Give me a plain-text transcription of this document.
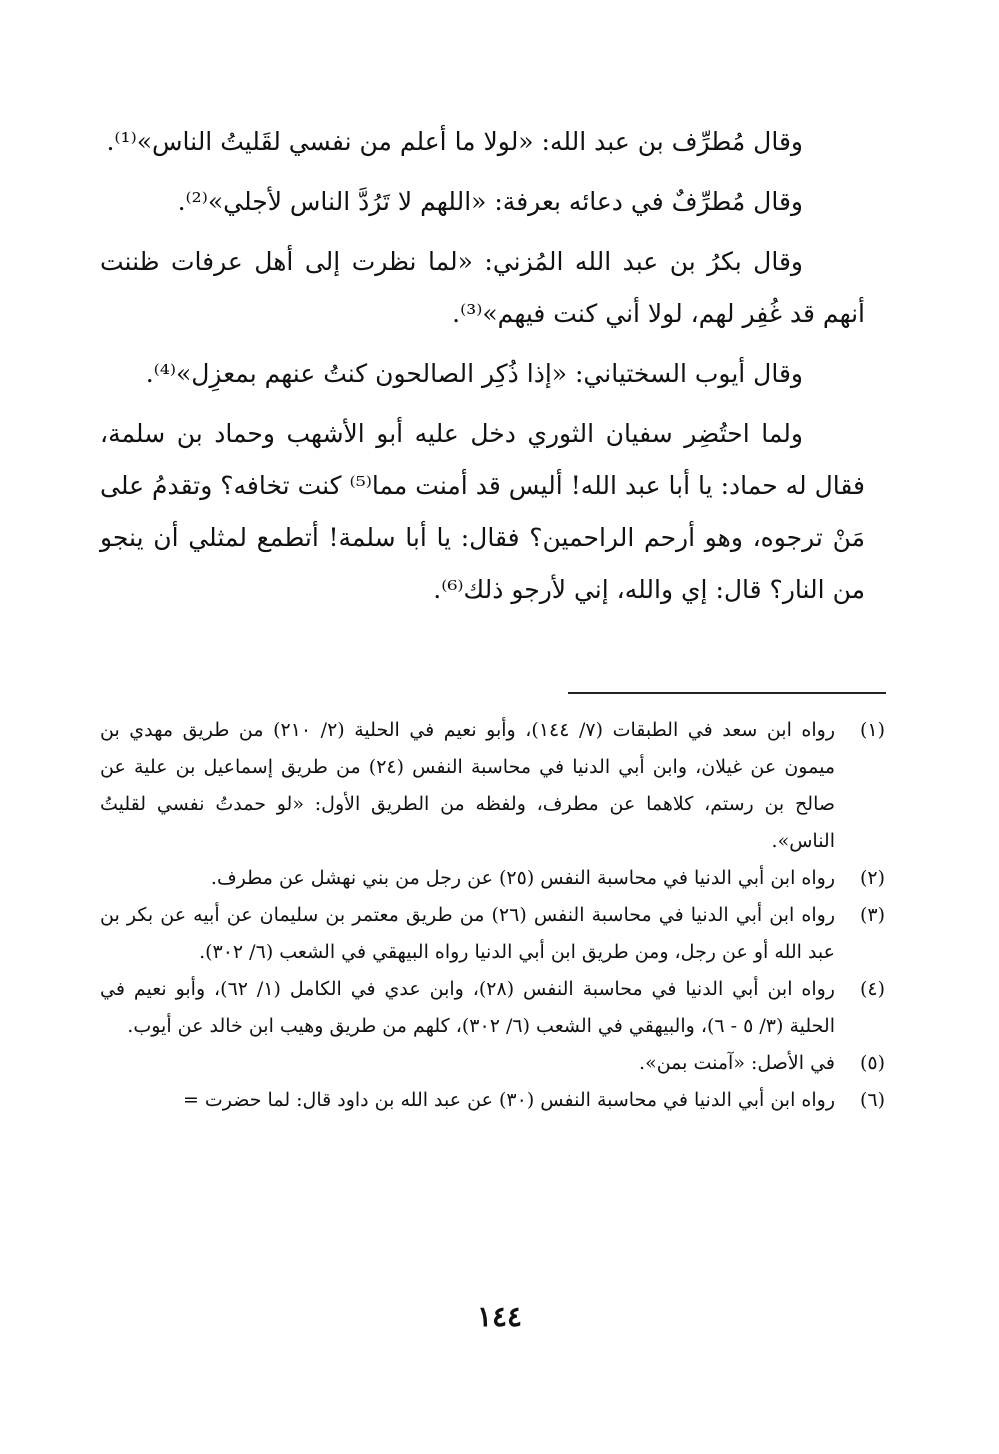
وقال مُطرِّف بن عبد الله: «لولا ما أعلم من نفسي لقَليتُ الناس»⁽¹⁾.

وقال مُطرِّفٌ في دعائه بعرفة: «اللهم لا تَرُدَّ الناس لأجلي»⁽²⁾.

وقال بكرُ بن عبد الله المُزني: «لما نظرت إلى أهل عرفات ظننت أنهم قد غُفِر لهم، لولا أني كنت فيهم»⁽³⁾.

وقال أيوب السختياني: «إذا ذُكِر الصالحون كنتُ عنهم بمعزِل»⁽⁴⁾.

ولما احتُضِر سفيان الثوري دخل عليه أبو الأشهب وحماد بن سلمة، فقال له حماد: يا أبا عبد الله! أليس قد أمنت مما⁽⁵⁾ كنت تخافه؟ وتقدمُ على مَنْ ترجوه، وهو أرحم الراحمين؟ فقال: يا أبا سلمة! أتطمع لمثلي أن ينجو من النار؟ قال: إي والله، إني لأرجو ذلك⁽⁶⁾.

(١)
رواه ابن سعد في الطبقات (٧/ ١٤٤)، وأبو نعيم في الحلية (٢/ ٢١٠) من طريق مهدي بن ميمون عن غيلان، وابن أبي الدنيا في محاسبة النفس (٢٤) من طريق إسماعيل بن علية عن صالح بن رستم، كلاهما عن مطرف، ولفظه من الطريق الأول: «لو حمدتُ نفسي لقليتُ الناس».
(٢)
رواه ابن أبي الدنيا في محاسبة النفس (٢٥) عن رجل من بني نهشل عن مطرف.
(٣)
رواه ابن أبي الدنيا في محاسبة النفس (٢٦) من طريق معتمر بن سليمان عن أبيه عن بكر بن عبد الله أو عن رجل، ومن طريق ابن أبي الدنيا رواه البيهقي في الشعب (٦/ ٣٠٢).
(٤)
رواه ابن أبي الدنيا في محاسبة النفس (٢٨)، وابن عدي في الكامل (١/ ٦٢)، وأبو نعيم في الحلية (٣/ ٥ - ٦)، والبيهقي في الشعب (٦/ ٣٠٢)، كلهم من طريق وهيب ابن خالد عن أيوب.
(٥)
في الأصل: «آمنت بمن».
(٦)
رواه ابن أبي الدنيا في محاسبة النفس (٣٠) عن عبد الله بن داود قال: لما حضرت =
١٤٤
